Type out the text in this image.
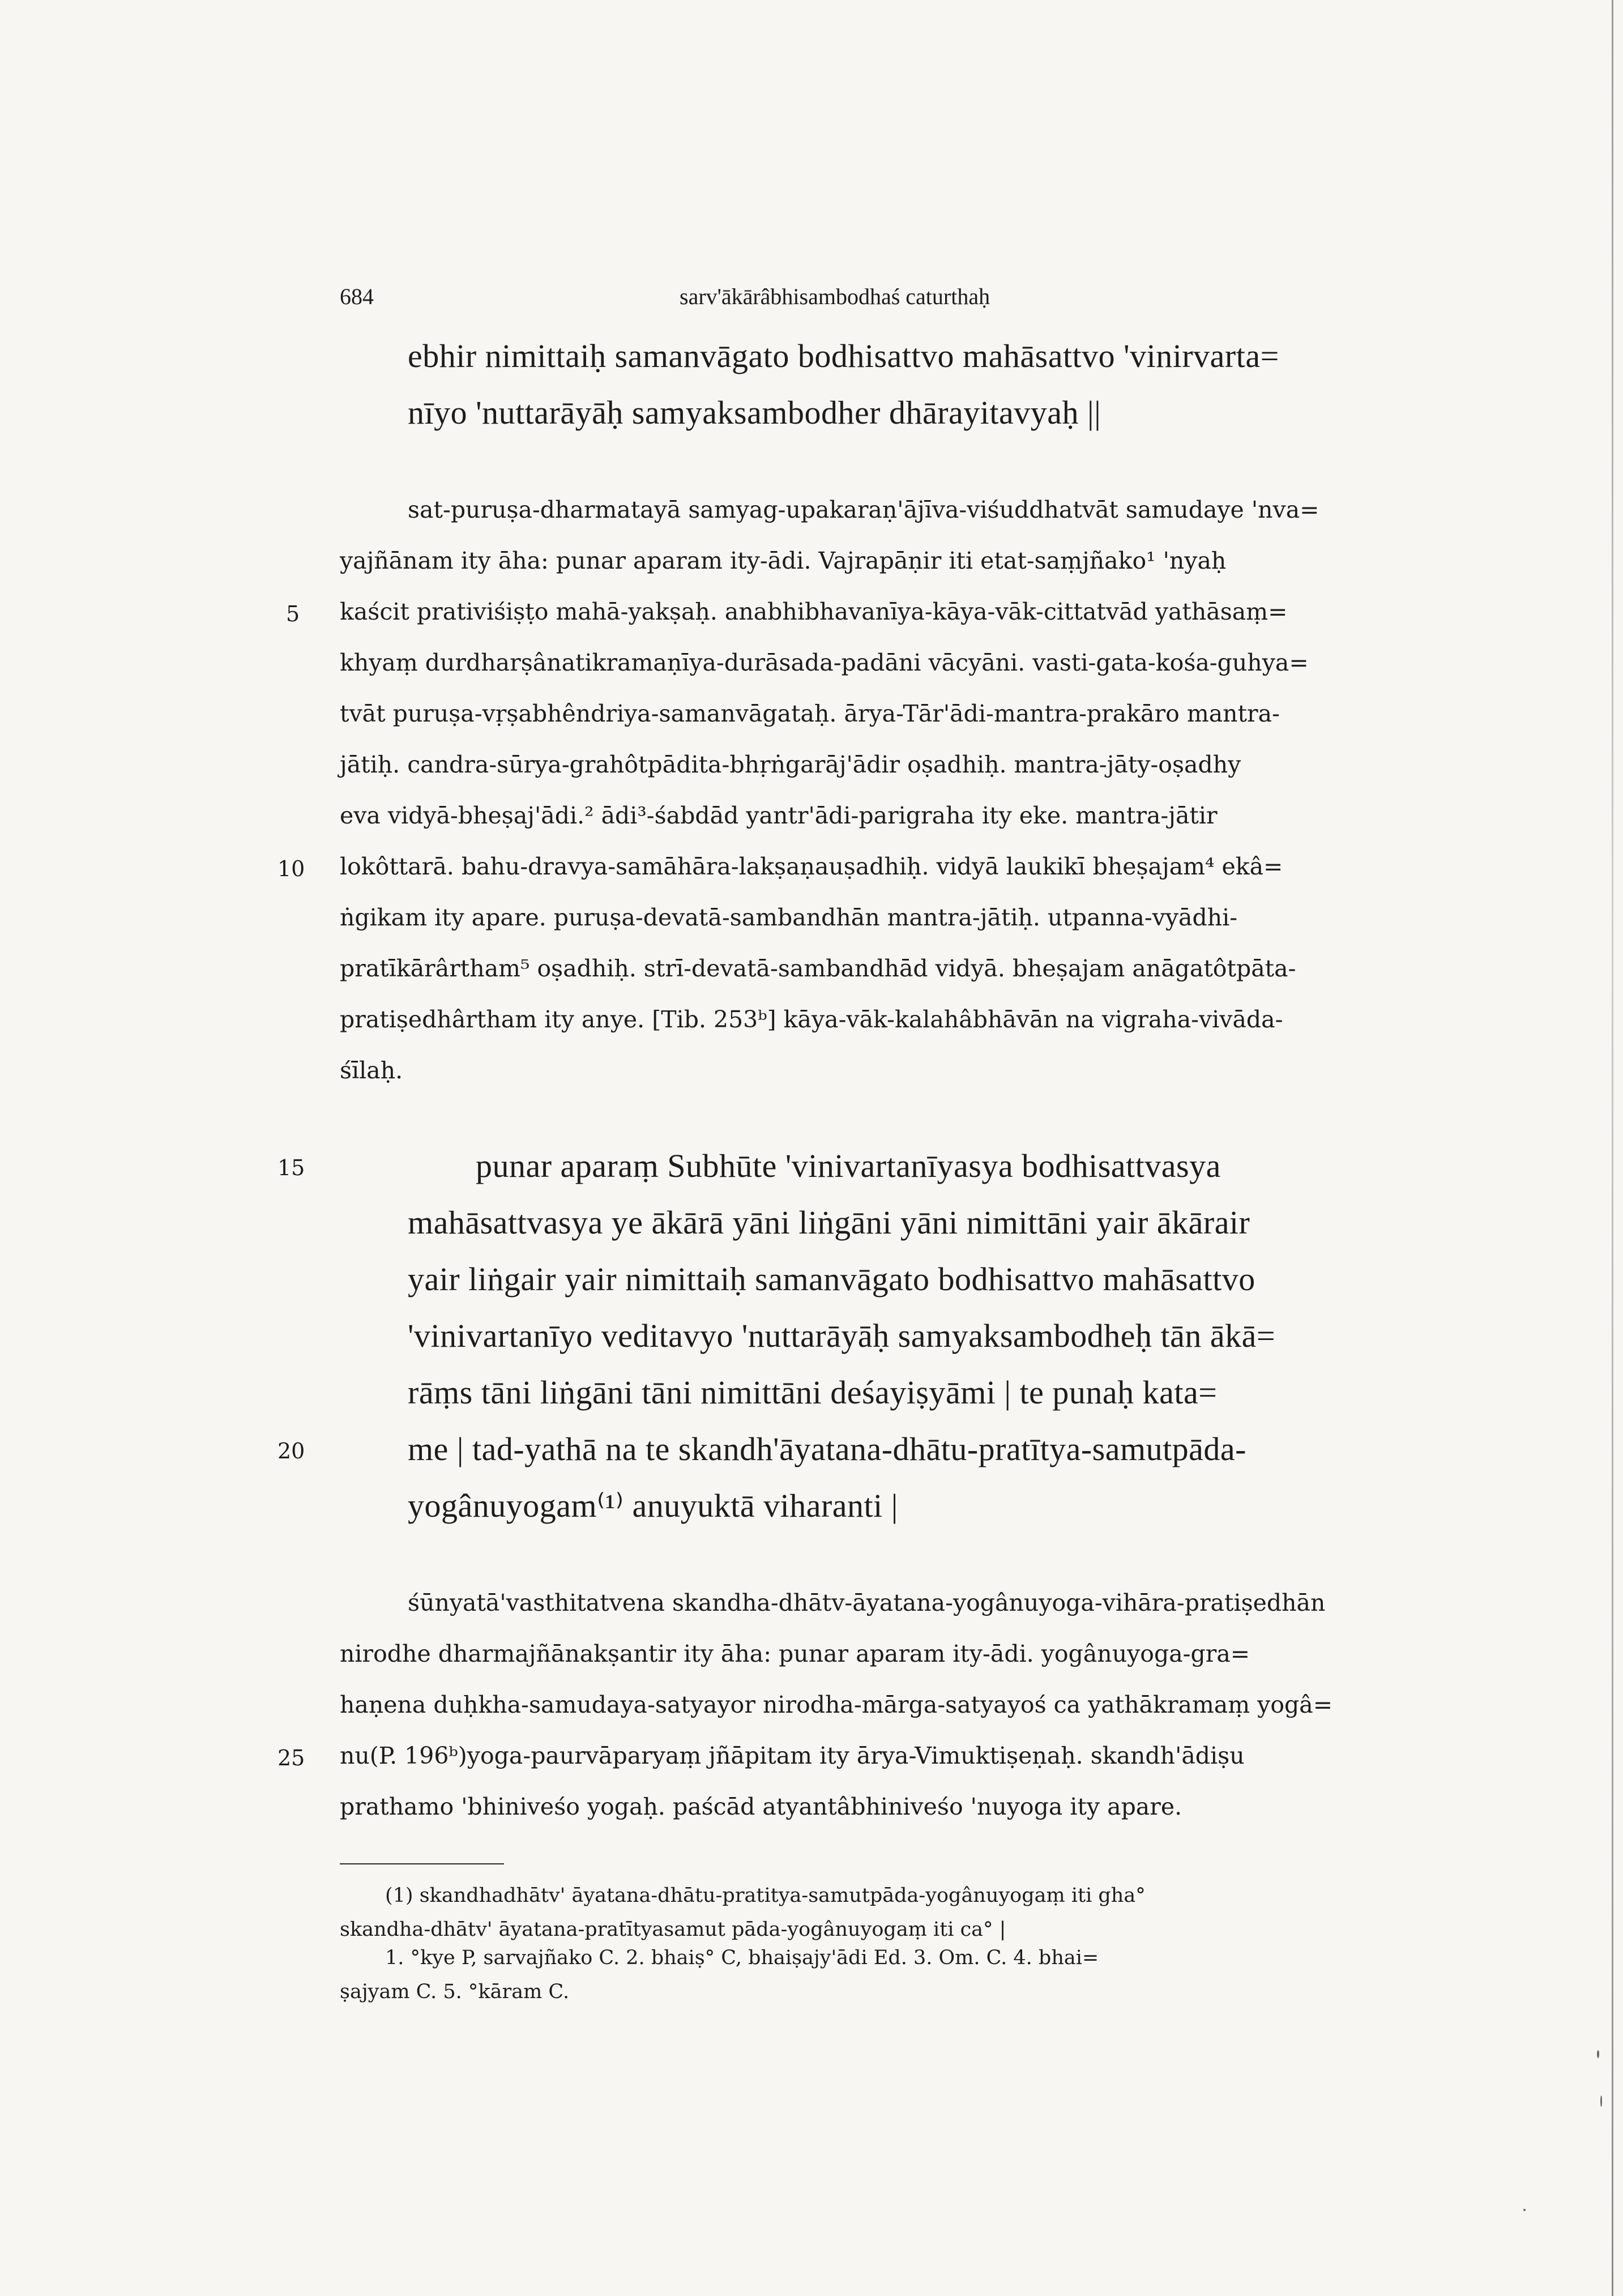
684	sarv'ākārâbhisambodhaś caturthaḥ
ebhir nimittaiḥ samanvāgato bodhisattvo mahāsattvo 'vinirvarta=
nīyo 'nuttarāyāḥ samyaksambodher dhārayitavyaḥ ||
sat-puruṣa-dharmatayā samyag-upakaraṇ'ājīva-viśuddhatvāt samudaye 'nva=
yajñānam ity āha: punar aparam ity-ādi. Vajrapāṇir iti etat-saṃjñako¹ 'nyaḥ
kaścit prativiśiṣṭo mahā-yakṣaḥ. anabhibhavanīya-kāya-vāk-cittatvād yathāsaṃ=
khyaṃ durdharṣânatikramaṇīya-durāsada-padāni vācyāni. vasti-gata-kośa-guhya=
tvāt puruṣa-vṛṣabhêndriya-samanvāgataḥ. ārya-Tār'ādi-mantra-prakāro mantra-
jātiḥ. candra-sūrya-grahôtpādita-bhṛṅgarāj'ādir oṣadhiḥ. mantra-jāty-oṣadhy
eva vidyā-bheṣaj'ādi.² ādi³-śabdād yantr'ādi-parigraha ity eke. mantra-jātir
lokôttarā. bahu-dravya-samāhāra-lakṣaṇauṣadhiḥ. vidyā laukikī bheṣajam⁴ ekâ=
ṅgikam ity apare. puruṣa-devatā-sambandhān mantra-jātiḥ. utpanna-vyādhi-
pratīkārârtham⁵ oṣadhiḥ. strī-devatā-sambandhād vidyā. bheṣajam anāgatôtpāta-
pratiṣedhârtham ity anye. [Tib. 253ᵇ] kāya-vāk-kalahâbhāvān na vigraha-vivāda-
śīlaḥ.
punar aparaṃ Subhūte 'vinivartanīyasya bodhisattvasya
mahāsattvasya ye ākārā yāni liṅgāni yāni nimittāni yair ākārair
yair liṅgair yair nimittaiḥ samanvāgato bodhisattvo mahāsattvo
'vinivartanīyo veditavyo 'nuttarāyāḥ samyaksambodheḥ tān ākā=
rāṃs tāni liṅgāni tāni nimittāni deśayiṣyāmi | te punaḥ kata=
me | tad-yathā na te skandh'āyatana-dhātu-pratītya-samutpāda-
yogânuyogam⁽¹⁾ anuyuktā viharanti |
śūnyatā'vasthitatvena skandha-dhātv-āyatana-yogânuyoga-vihāra-pratiṣedhān
nirodhe dharmajñānakṣantir ity āha: punar aparam ity-ādi. yogânuyoga-gra=
haṇena duḥkha-samudaya-satyayor nirodha-mārga-satyayoś ca yathākramaṃ yogâ=
nu(P. 196ᵇ)yoga-paurvāparyaṃ jñāpitam ity ārya-Vimuktiṣeṇaḥ. skandh'ādiṣu
prathamo 'bhiniveśo yogaḥ. paścād atyantâbhiniveśo 'nuyoga ity apare.
5
10
15
20
25
(1) skandhadhātv' āyatana-dhātu-pratitya-samutpāda-yogânuyogaṃ iti gha°
skandha-dhātv' āyatana-pratītyasamut pāda-yogânuyogaṃ iti ca° |
1. °kye P, sarvajñako C. 2. bhaiṣ° C, bhaiṣajy'ādi Ed. 3. Om. C. 4. bhai=
ṣajyam C. 5. °kāram C.
